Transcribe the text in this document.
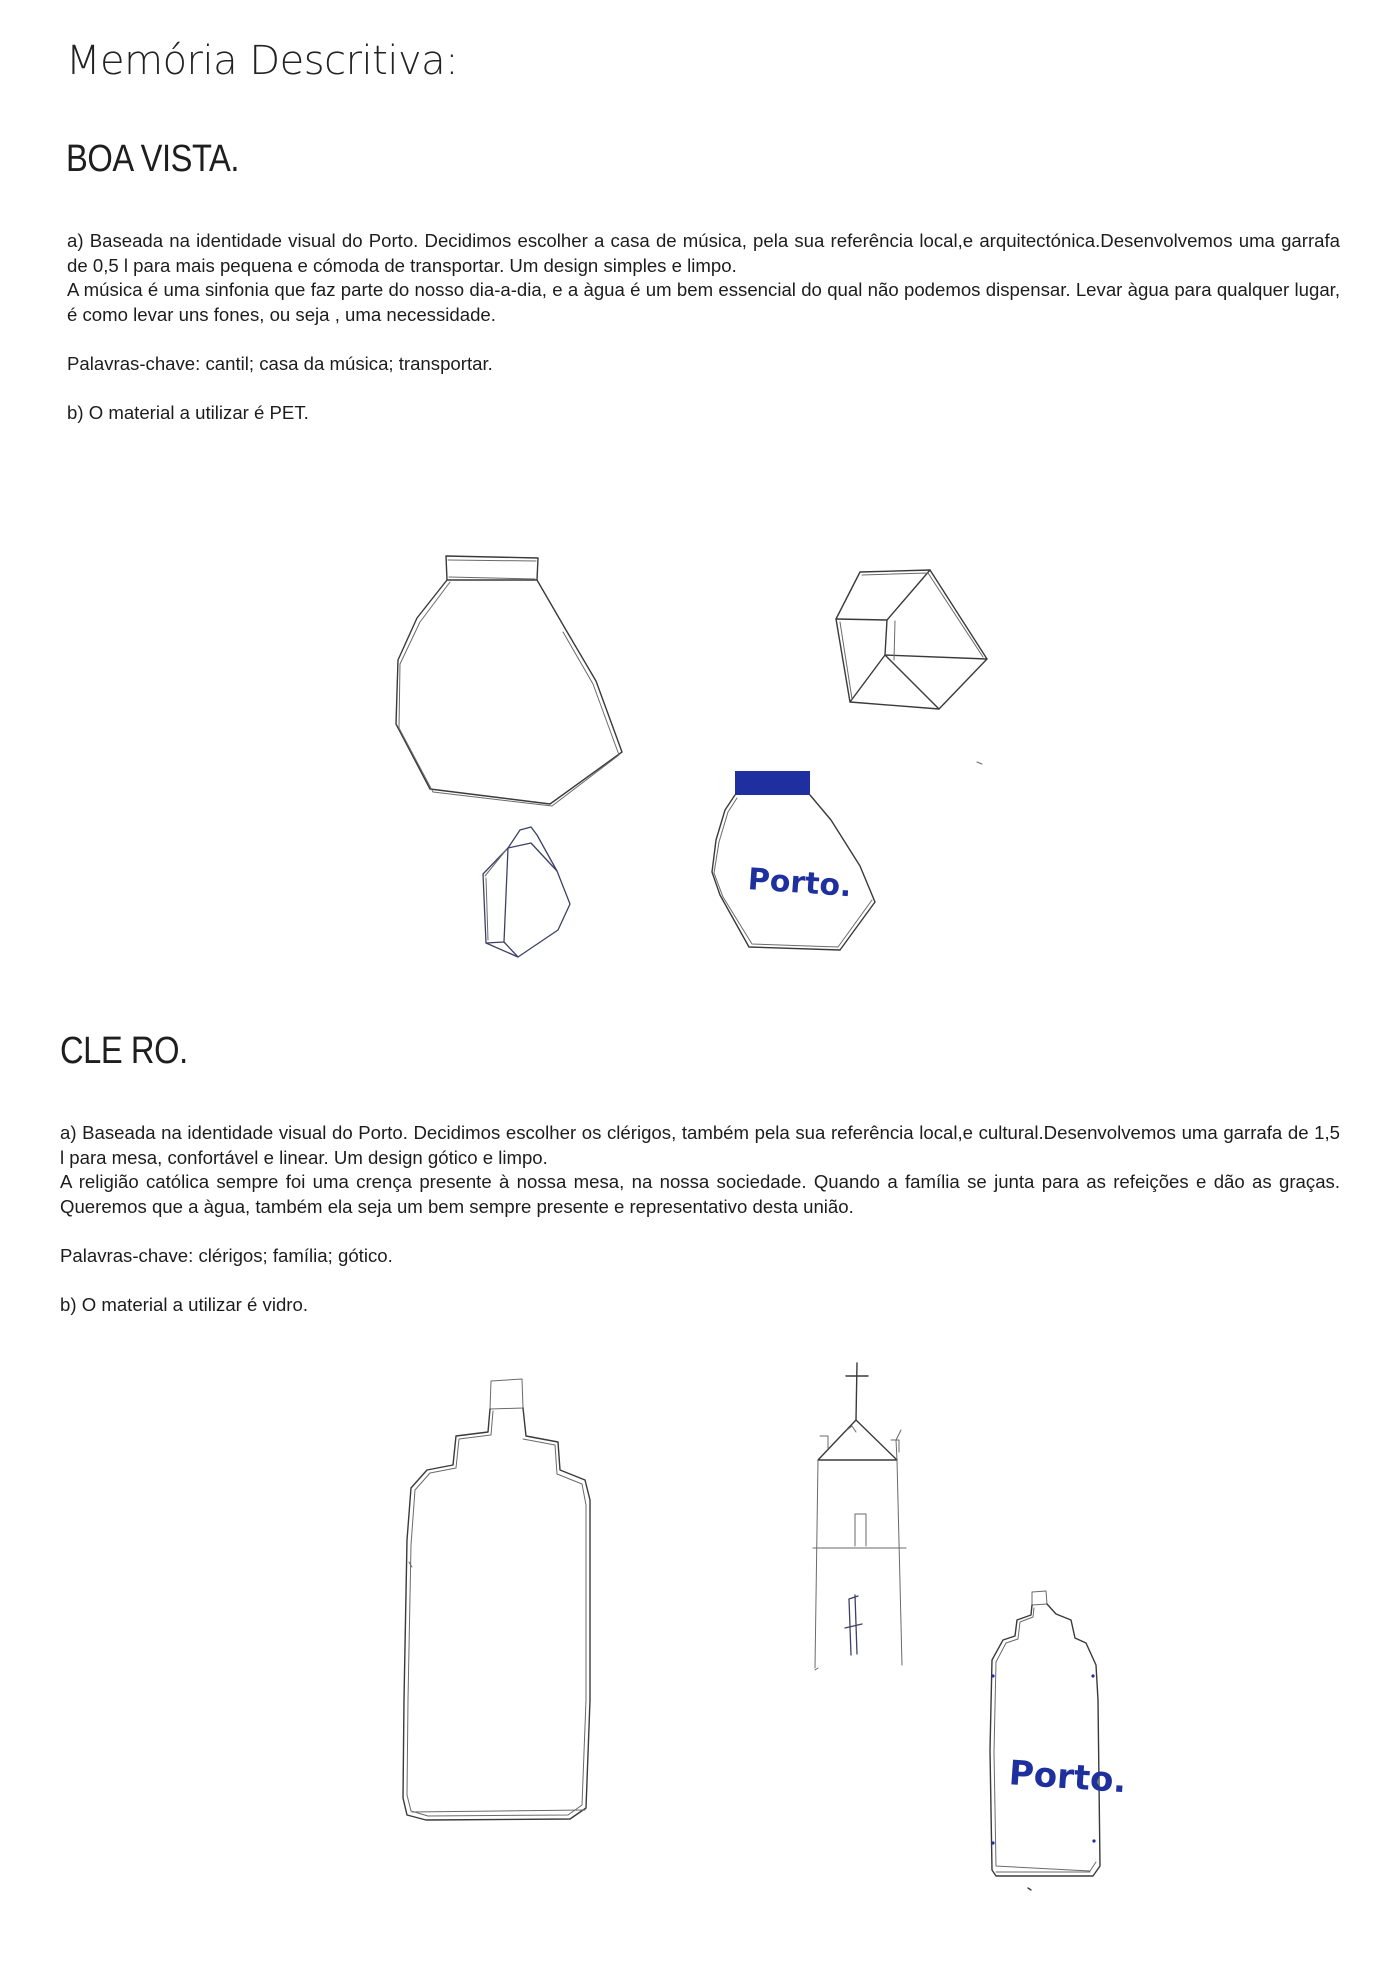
Memória Descritiva:
BOA VISTA.

a) Baseada na identidade visual do Porto. Decidimos escolher a casa de música, pela sua referência local,e arquitectónica.Desenvolvemos uma garrafa de 0,5 l para mais pequena e cómoda de transportar. Um design simples e limpo.

A música é uma sinfonia que faz parte do nosso dia-a-dia, e a àgua é um bem essencial do qual não podemos dispensar. Levar àgua para qualquer lugar, é como levar uns fones, ou seja , uma necessidade.

Palavras-chave: cantil; casa da música; transportar.

b) O material a utilizar é PET.

Porto.
CLE RO.

a) Baseada na identidade visual do Porto. Decidimos escolher os clérigos, também pela sua referência local,e cultural.Desenvolvemos uma garrafa de 1,5 l para mesa, confortável e linear. Um design gótico e limpo.

A religião católica sempre foi uma crença presente à nossa mesa, na nossa sociedade. Quando a família se junta para as refeições e dão as graças. Queremos que a àgua, também ela seja um bem sempre presente e representativo desta união.

Palavras-chave: clérigos; família; gótico.

b) O material a utilizar é vidro.

Porto.
